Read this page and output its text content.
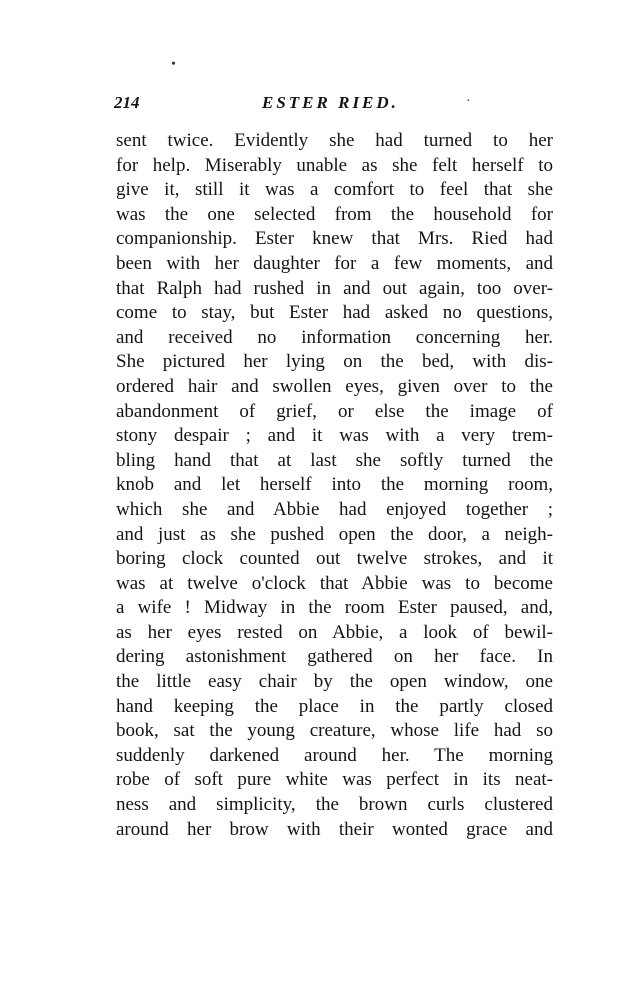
•
·
214	ESTER RIED.
sent twice. Evidently she had turned to her
for help. Miserably unable as she felt herself to
give it, still it was a comfort to feel that she
was the one selected from the household for
companionship. Ester knew that Mrs. Ried had
been with her daughter for a few moments, and
that Ralph had rushed in and out again, too over-
come to stay, but Ester had asked no questions,
and received no information concerning her.
She pictured her lying on the bed, with dis-
ordered hair and swollen eyes, given over to the
abandonment of grief, or else the image of
stony despair ; and it was with a very trem-
bling hand that at last she softly turned the
knob and let herself into the morning room,
which she and Abbie had enjoyed together ;
and just as she pushed open the door, a neigh-
boring clock counted out twelve strokes, and it
was at twelve o'clock that Abbie was to become
a wife ! Midway in the room Ester paused, and,
as her eyes rested on Abbie, a look of bewil-
dering astonishment gathered on her face. In
the little easy chair by the open window, one
hand keeping the place in the partly closed
book, sat the young creature, whose life had so
suddenly darkened around her. The morning
robe of soft pure white was perfect in its neat-
ness and simplicity, the brown curls clustered
around her brow with their wonted grace and
